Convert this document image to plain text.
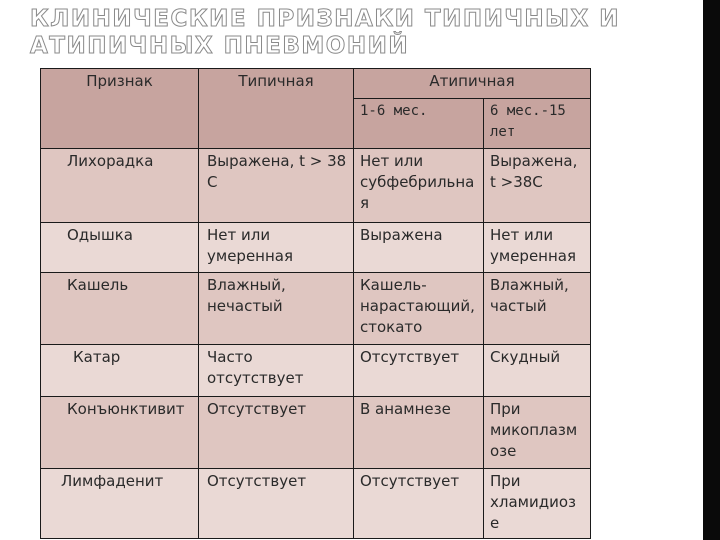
КЛИНИЧЕСКИЕ ПРИЗНАКИ ТИПИЧНЫХ И АТИПИЧНЫХ ПНЕВМОНИЙ
Признак	Типичная	Атипичная	
		1-6 мес.	6 мес.-15 лет
Лихорадка	Выражена, t > 38 С	Нет или субфебрильная	Выражена, t >38С
Одышка	Нет или умеренная	Выражена	Нет или умеренная
Кашель	Влажный, нечастый	Кашель-нарастающий, стокато	Влажный, частый
Катар	Часто отсутствует	Отсутствует	Скудный
Конъюнктивит	Отсутствует	В анамнезе	При микоплазмозе
Лимфаденит	Отсутствует	Отсутствует	При хламидиозе
